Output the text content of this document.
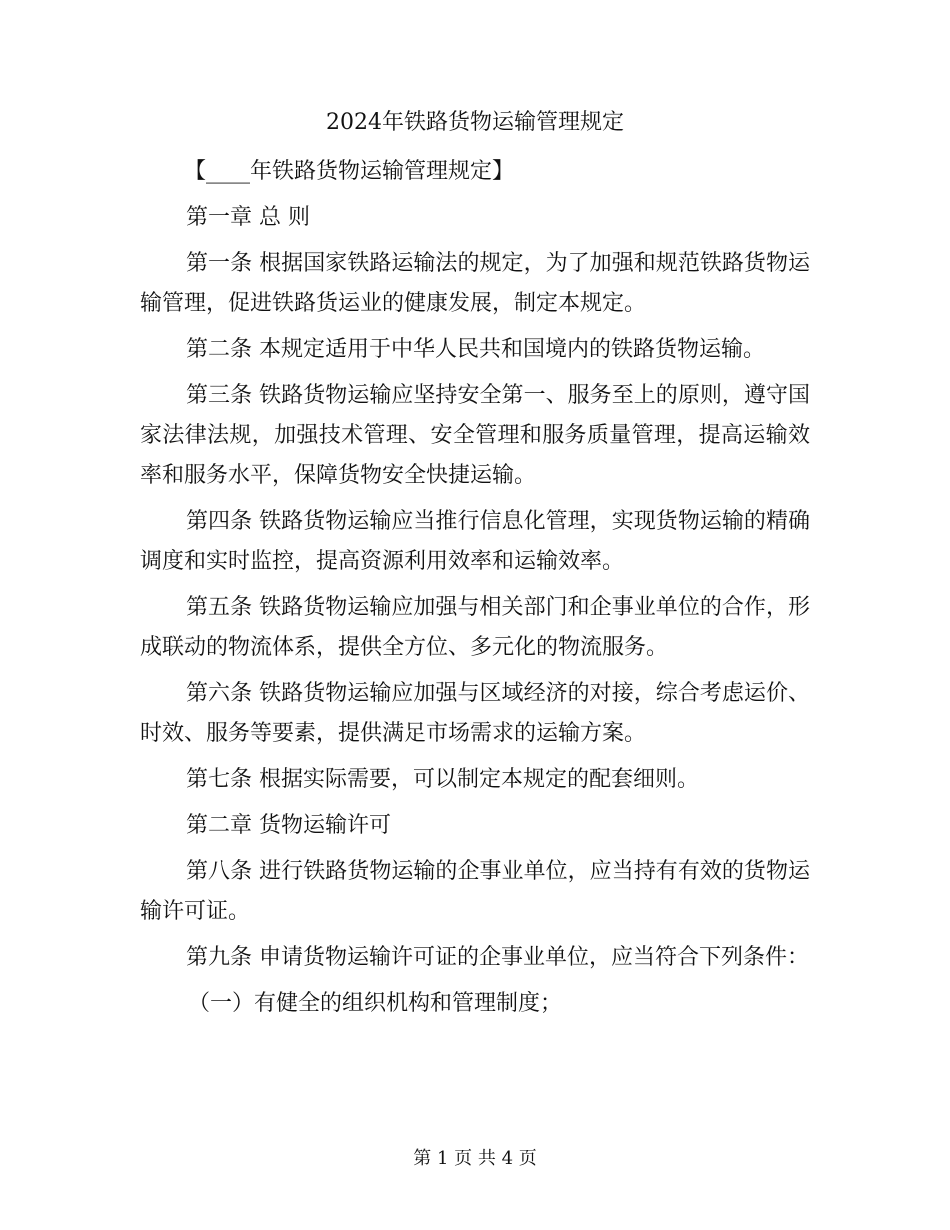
2024年铁路货物运输管理规定

【____年铁路货物运输管理规定】

第一章 总 则

第一条 根据国家铁路运输法的规定，为了加强和规范铁路货物运输管理，促进铁路货运业的健康发展，制定本规定。

第二条 本规定适用于中华人民共和国境内的铁路货物运输。

第三条 铁路货物运输应坚持安全第一、服务至上的原则，遵守国家法律法规，加强技术管理、安全管理和服务质量管理，提高运输效率和服务水平，保障货物安全快捷运输。

第四条 铁路货物运输应当推行信息化管理，实现货物运输的精确调度和实时监控，提高资源利用效率和运输效率。

第五条 铁路货物运输应加强与相关部门和企事业单位的合作，形成联动的物流体系，提供全方位、多元化的物流服务。

第六条 铁路货物运输应加强与区域经济的对接，综合考虑运价、时效、服务等要素，提供满足市场需求的运输方案。

第七条 根据实际需要，可以制定本规定的配套细则。

第二章 货物运输许可

第八条 进行铁路货物运输的企事业单位，应当持有有效的货物运输许可证。

第九条 申请货物运输许可证的企事业单位，应当符合下列条件：

（一）有健全的组织机构和管理制度；

第 1 页 共 4 页
